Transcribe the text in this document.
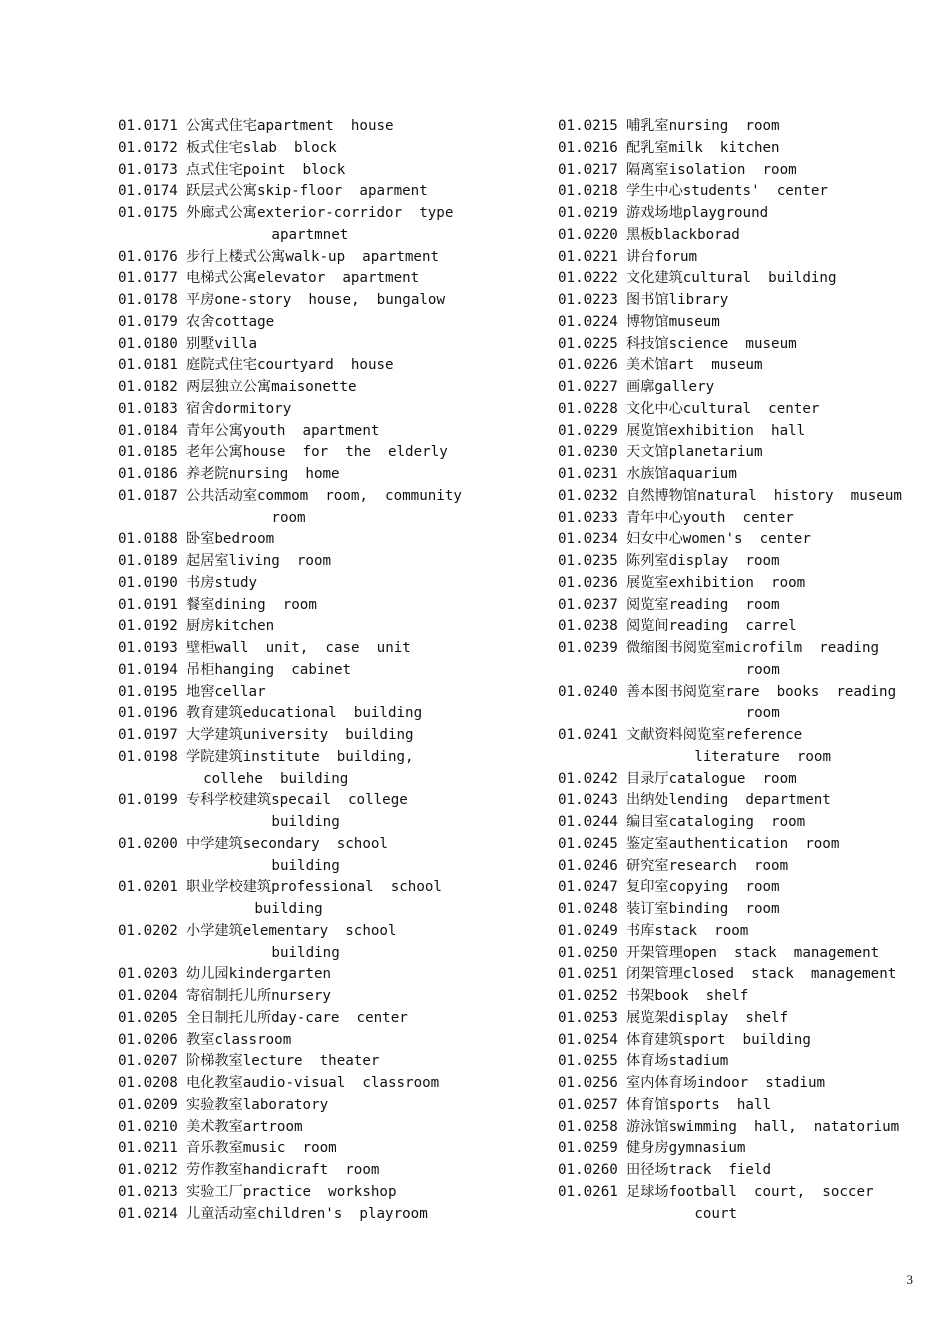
01.0171 公寓式住宅apartment  house
01.0172 板式住宅slab  block
01.0173 点式住宅point  block
01.0174 跃层式公寓skip-floor  aparment
01.0175 外廊式公寓exterior-corridor  type
apartmnet
01.0176 步行上楼式公寓walk-up  apartment
01.0177 电梯式公寓elevator  apartment
01.0178 平房one-story  house,  bungalow
01.0179 农舍cottage
01.0180 别墅villa
01.0181 庭院式住宅courtyard  house
01.0182 两层独立公寓maisonette
01.0183 宿舍dormitory
01.0184 青年公寓youth  apartment
01.0185 老年公寓house  for  the  elderly
01.0186 养老院nursing  home
01.0187 公共活动室commom  room,  community
room
01.0188 卧室bedroom
01.0189 起居室living  room
01.0190 书房study
01.0191 餐室dining  room
01.0192 厨房kitchen
01.0193 壁柜wall  unit,  case  unit
01.0194 吊柜hanging  cabinet
01.0195 地窖cellar
01.0196 教育建筑educational  building
01.0197 大学建筑university  building
01.0198 学院建筑institute  building,
collehe  building
01.0199 专科学校建筑specail  college
building
01.0200 中学建筑secondary  school
building
01.0201 职业学校建筑professional  school
building
01.0202 小学建筑elementary  school
building
01.0203 幼儿园kindergarten
01.0204 寄宿制托儿所nursery
01.0205 全日制托儿所day-care  center
01.0206 教室classroom
01.0207 阶梯教室lecture  theater
01.0208 电化教室audio-visual  classroom
01.0209 实验教室laboratory
01.0210 美术教室artroom
01.0211 音乐教室music  room
01.0212 劳作教室handicraft  room
01.0213 实验工厂practice  workshop
01.0214 儿童活动室children's  playroom
01.0215 哺乳室nursing  room
01.0216 配乳室milk  kitchen
01.0217 隔离室isolation  room
01.0218 学生中心students'  center
01.0219 游戏场地playground
01.0220 黑板blackborad
01.0221 讲台forum
01.0222 文化建筑cultural  building
01.0223 图书馆library
01.0224 博物馆museum
01.0225 科技馆science  museum
01.0226 美术馆art  museum
01.0227 画廓gallery
01.0228 文化中心cultural  center
01.0229 展览馆exhibition  hall
01.0230 天文馆planetarium
01.0231 水族馆aquarium
01.0232 自然博物馆natural  history  museum
01.0233 青年中心youth  center
01.0234 妇女中心women's  center
01.0235 陈列室display  room
01.0236 展览室exhibition  room
01.0237 阅览室reading  room
01.0238 阅览间reading  carrel
01.0239 微缩图书阅览室microfilm  reading
room
01.0240 善本图书阅览室rare  books  reading
room
01.0241 文献资料阅览室reference
literature  room
01.0242 目录厅catalogue  room
01.0243 出纳处lending  department
01.0244 编目室cataloging  room
01.0245 鉴定室authentication  room
01.0246 研究室research  room
01.0247 复印室copying  room
01.0248 装订室binding  room
01.0249 书库stack  room
01.0250 开架管理open  stack  management
01.0251 闭架管理closed  stack  management
01.0252 书架book  shelf
01.0253 展览架display  shelf
01.0254 体育建筑sport  building
01.0255 体育场stadium
01.0256 室内体育场indoor  stadium
01.0257 体育馆sports  hall
01.0258 游泳馆swimming  hall,  natatorium
01.0259 健身房gymnasium
01.0260 田径场track  field
01.0261 足球场football  court,  soccer
court
3
